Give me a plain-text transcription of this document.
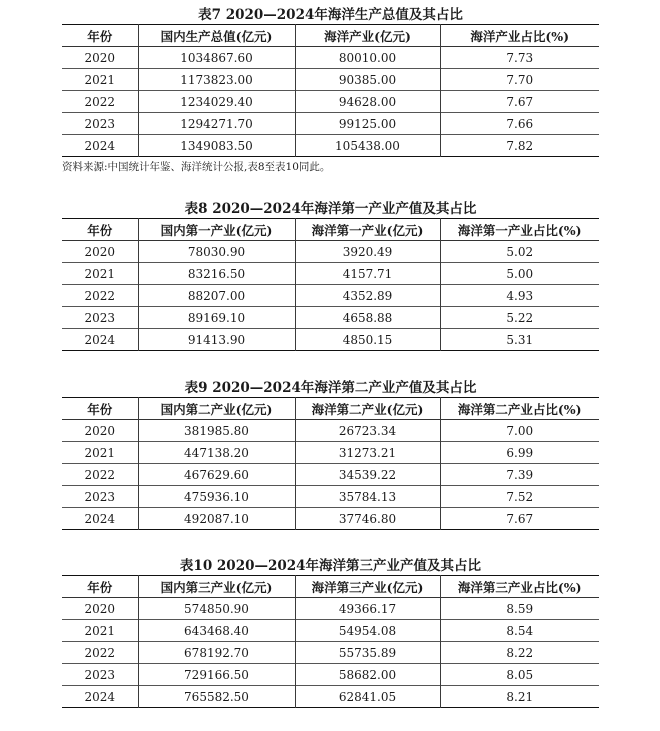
表7 2020—2024年海洋生产总值及其占比
年份	国内生产总值(亿元)	海洋产业(亿元)	海洋产业占比(%)
2020	1034867.60	80010.00	7.73
2021	1173823.00	90385.00	7.70
2022	1234029.40	94628.00	7.67
2023	1294271.70	99125.00	7.66
2024	1349083.50	105438.00	7.82
资料来源:中国统计年鉴、海洋统计公报,表8至表10同此。
表8 2020—2024年海洋第一产业产值及其占比
年份	国内第一产业(亿元)	海洋第一产业(亿元)	海洋第一产业占比(%)
2020	78030.90	3920.49	5.02
2021	83216.50	4157.71	5.00
2022	88207.00	4352.89	4.93
2023	89169.10	4658.88	5.22
2024	91413.90	4850.15	5.31
表9 2020—2024年海洋第二产业产值及其占比
年份	国内第二产业(亿元)	海洋第二产业(亿元)	海洋第二产业占比(%)
2020	381985.80	26723.34	7.00
2021	447138.20	31273.21	6.99
2022	467629.60	34539.22	7.39
2023	475936.10	35784.13	7.52
2024	492087.10	37746.80	7.67
表10 2020—2024年海洋第三产业产值及其占比
年份	国内第三产业(亿元)	海洋第三产业(亿元)	海洋第三产业占比(%)
2020	574850.90	49366.17	8.59
2021	643468.40	54954.08	8.54
2022	678192.70	55735.89	8.22
2023	729166.50	58682.00	8.05
2024	765582.50	62841.05	8.21
